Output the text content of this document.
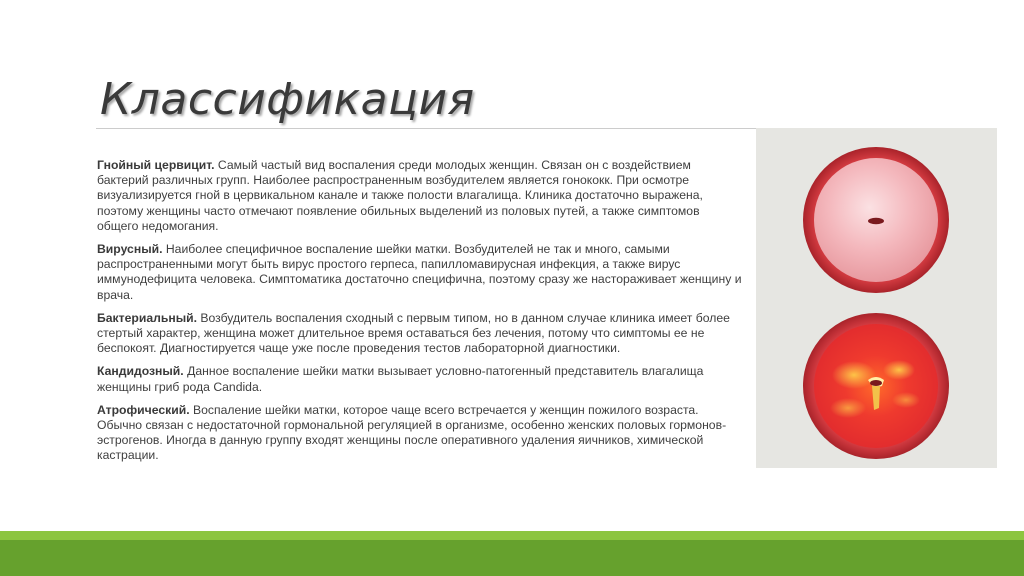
Классификация

Гнойный цервицит. Самый частый вид воспаления среди молодых женщин. Связан он с воздействием бактерий различных групп. Наиболее распространенным возбудителем является гонококк. При осмотре визуализируется гной в цервикальном канале и также полости влагалища. Клиника достаточно выражена, поэтому женщины часто отмечают появление обильных выделений из половых путей, а также симптомов общего недомогания.

Вирусный. Наиболее специфичное воспаление шейки матки. Возбудителей не так и много, самыми распространенными могут быть вирус простого герпеса, папилломавирусная инфекция, а также вирус иммунодефицита человека. Симптоматика достаточно специфична, поэтому сразу же настораживает женщину и врача.

Бактериальный. Возбудитель воспаления сходный с первым типом, но в данном случае клиника имеет более стертый характер, женщина может длительное время оставаться без лечения, потому что симптомы ее не беспокоят. Диагностируется чаще уже после проведения тестов лабораторной диагностики.

Кандидозный. Данное воспаление шейки матки вызывает условно-патогенный представитель влагалища женщины гриб рода Candida.

Атрофический. Воспаление шейки матки, которое чаще всего встречается у женщин пожилого возраста. Обычно связан с недостаточной гормональной регуляцией в организме, особенно женских половых гормонов-эстрогенов. Иногда в данную группу входят женщины после оперативного удаления яичников, химической кастрации.
